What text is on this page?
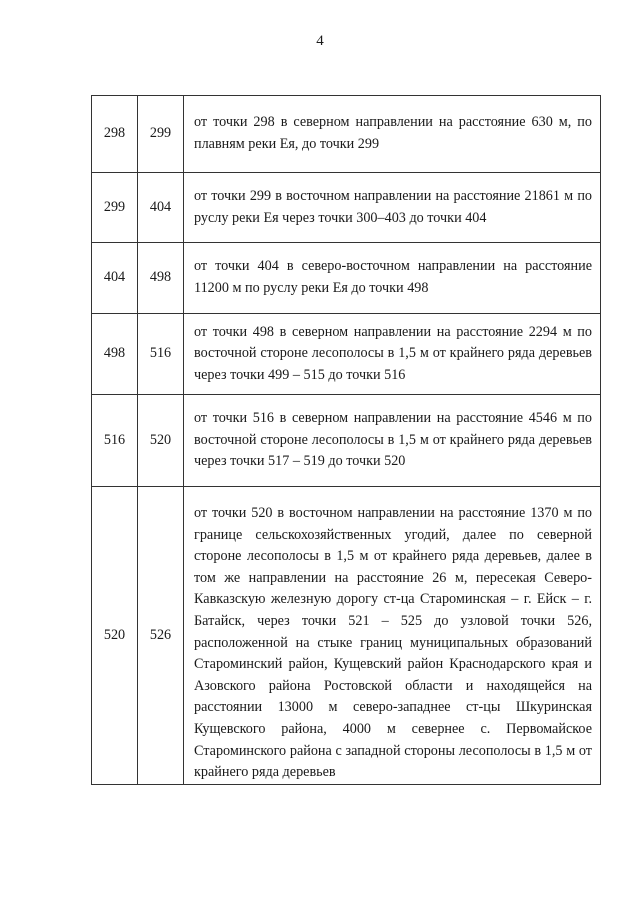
4
298	299	от точки 298 в северном направлении на расстояние 630 м, по плавням реки Ея, до точки 299
299	404	от точки 299 в восточном направлении на расстояние 21861 м по руслу реки Ея через точки 300–403 до точки 404
404	498	от точки 404 в северо-восточном направлении на расстояние 11200 м по руслу реки Ея до точки 498
498	516	от точки 498 в северном направлении на расстояние 2294 м по восточной стороне лесополосы в 1,5 м от крайнего ряда деревьев через точки 499 – 515 до точки 516
516	520	от точки 516 в северном направлении на расстояние 4546 м по восточной стороне лесополосы в 1,5 м от крайнего ряда деревьев через точки 517 – 519 до точки 520
520	526	от точки 520 в восточном направлении на расстояние 1370 м по границе сельскохозяйственных угодий, далее по северной стороне лесополосы в 1,5 м от крайнего ряда деревьев, далее в том же направлении на расстояние 26 м, пересекая Северо-Кавказскую железную дорогу ст-ца Староминская – г. Ейск – г. Батайск, через точки 521 – 525 до узловой точки 526, расположенной на стыке границ муниципальных образований Староминский район, Кущевский район Краснодарского края и Азовского района Ростовской области и находящейся на расстоянии 13000 м северо-западнее ст-цы Шкуринская Кущевского района, 4000 м севернее с. Первомайское Староминского района с западной стороны лесополосы в 1,5 м от крайнего ряда деревьев
